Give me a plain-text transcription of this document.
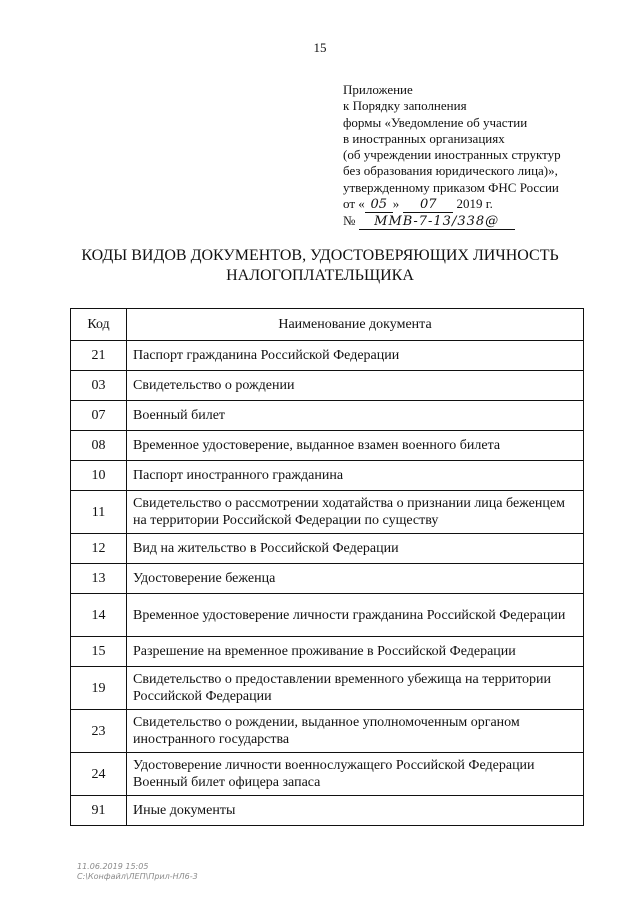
15
Приложение
к Порядку заполнения
формы «Уведомление об участии
в иностранных организациях
(об учреждении иностранных структур
без образования юридического лица)»,
утвержденному приказом ФНС России
от « 05 » 07 2019 г.
№ ММВ-7-13/338@
КОДЫ ВИДОВ ДОКУМЕНТОВ, УДОСТОВЕРЯЮЩИХ ЛИЧНОСТЬ
НАЛОГОПЛАТЕЛЬЩИКА
Код	Наименование документа
21	Паспорт гражданина Российской Федерации
03	Свидетельство о рождении
07	Военный билет
08	Временное удостоверение, выданное взамен военного билета
10	Паспорт иностранного гражданина
11	Свидетельство о рассмотрении ходатайства о признании лица беженцем на территории Российской Федерации по существу
12	Вид на жительство в Российской Федерации
13	Удостоверение беженца
14	Временное удостоверение личности гражданина Российской Федерации
15	Разрешение на временное проживание в Российской Федерации
19	Свидетельство о предоставлении временного убежища на территории Российской Федерации
23	Свидетельство о рождении, выданное уполномоченным органом иностранного государства
24	Удостоверение личности военнослужащего Российской Федерации Военный билет офицера запаса
91	Иные документы
11.06.2019 15:05
С:\Конфайл\ЛЕП\Прил-НЛ6-3
